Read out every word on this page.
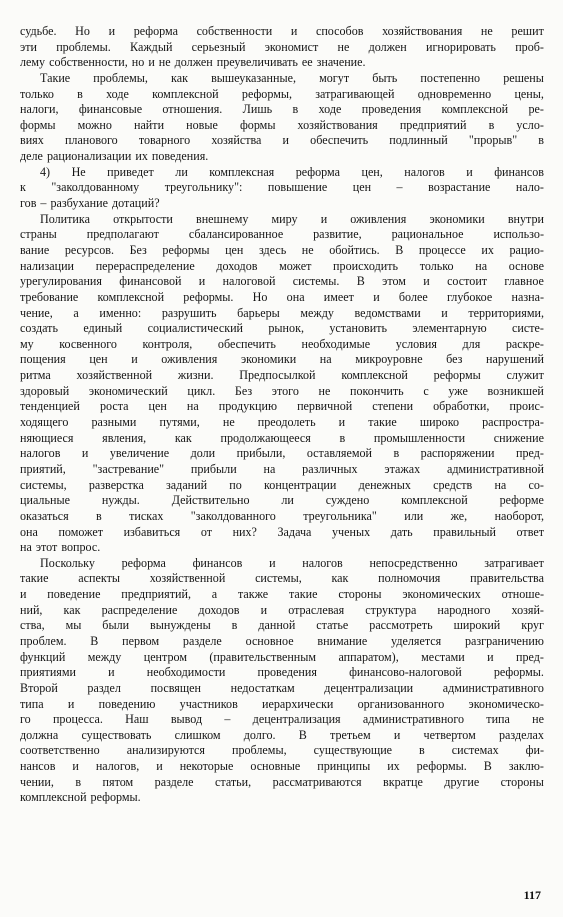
судьбе. Но и реформа собственности и способов хозяйствования не решит
эти проблемы. Каждый серьезный экономист не должен игнорировать проб-
лему собственности, но и не должен преувеличивать ее значение.
Такие проблемы, как вышеуказанные, могут быть постепенно решены
только в ходе комплексной реформы, затрагивающей одновременно цены,
налоги, финансовые отношения. Лишь в ходе проведения комплексной ре-
формы можно найти новые формы хозяйствования предприятий в усло-
виях планового товарного хозяйства и обеспечить подлинный "прорыв" в
деле рационализации их поведения.
4) Не приведет ли комплексная реформа цен, налогов и финансов
к "заколдованному треугольнику": повышение цен – возрастание нало-
гов – разбухание дотаций?
Политика открытости внешнему миру и оживления экономики внутри
страны предполагают сбалансированное развитие, рациональное использо-
вание ресурсов. Без реформы цен здесь не обойтись. В процессе их рацио-
нализации перераспределение доходов может происходить только на основе
урегулирования финансовой и налоговой системы. В этом и состоит главное
требование комплексной реформы. Но она имеет и более глубокое назна-
чение, а именно: разрушить барьеры между ведомствами и территориями,
создать единый социалистический рынок, установить элементарную систе-
му косвенного контроля, обеспечить необходимые условия для раскре-
пощения цен и оживления экономики на микроуровне без нарушений
ритма хозяйственной жизни. Предпосылкой комплексной реформы служит
здоровый экономический цикл. Без этого не покончить с уже возникшей
тенденцией роста цен на продукцию первичной степени обработки, проис-
ходящего разными путями, не преодолеть и такие широко распростра-
няющиеся явления, как продолжающееся в промышленности снижение
налогов и увеличение доли прибыли, оставляемой в распоряжении пред-
приятий, "застревание" прибыли на различных этажах административной
системы, разверстка заданий по концентрации денежных средств на со-
циальные	нужды.	Действительно	ли	суждено	комплексной	реформе
оказаться в тисках "заколдованного треугольника" или же, наоборот,
она поможет избавиться от них? Задача ученых дать правильный ответ
на этот вопрос.
Поскольку реформа финансов и налогов непосредственно затрагивает
такие аспекты хозяйственной системы, как полномочия правительства
и поведение предприятий, а также такие стороны экономических отноше-
ний, как распределение доходов и отраслевая структура народного хозяй-
ства, мы были вынуждены в данной статье рассмотреть широкий круг
проблем. В первом разделе основное внимание уделяется разграничению
функций между центром (правительственным аппаратом), местами и пред-
приятиями	и	необходимости	проведения	финансово-налоговой	реформы.
Второй раздел посвящен недостаткам децентрализации административного
типа и поведению участников иерархически организованного экономическо-
го процесса. Наш вывод – децентрализация административного типа не
должна существовать слишком долго. В третьем и четвертом разделах
соответственно анализируются проблемы, существующие в системах фи-
нансов и налогов, и некоторые основные принципы их реформы. В заклю-
чении, в пятом разделе статьи, рассматриваются вкратце другие стороны
комплексной реформы.
117
